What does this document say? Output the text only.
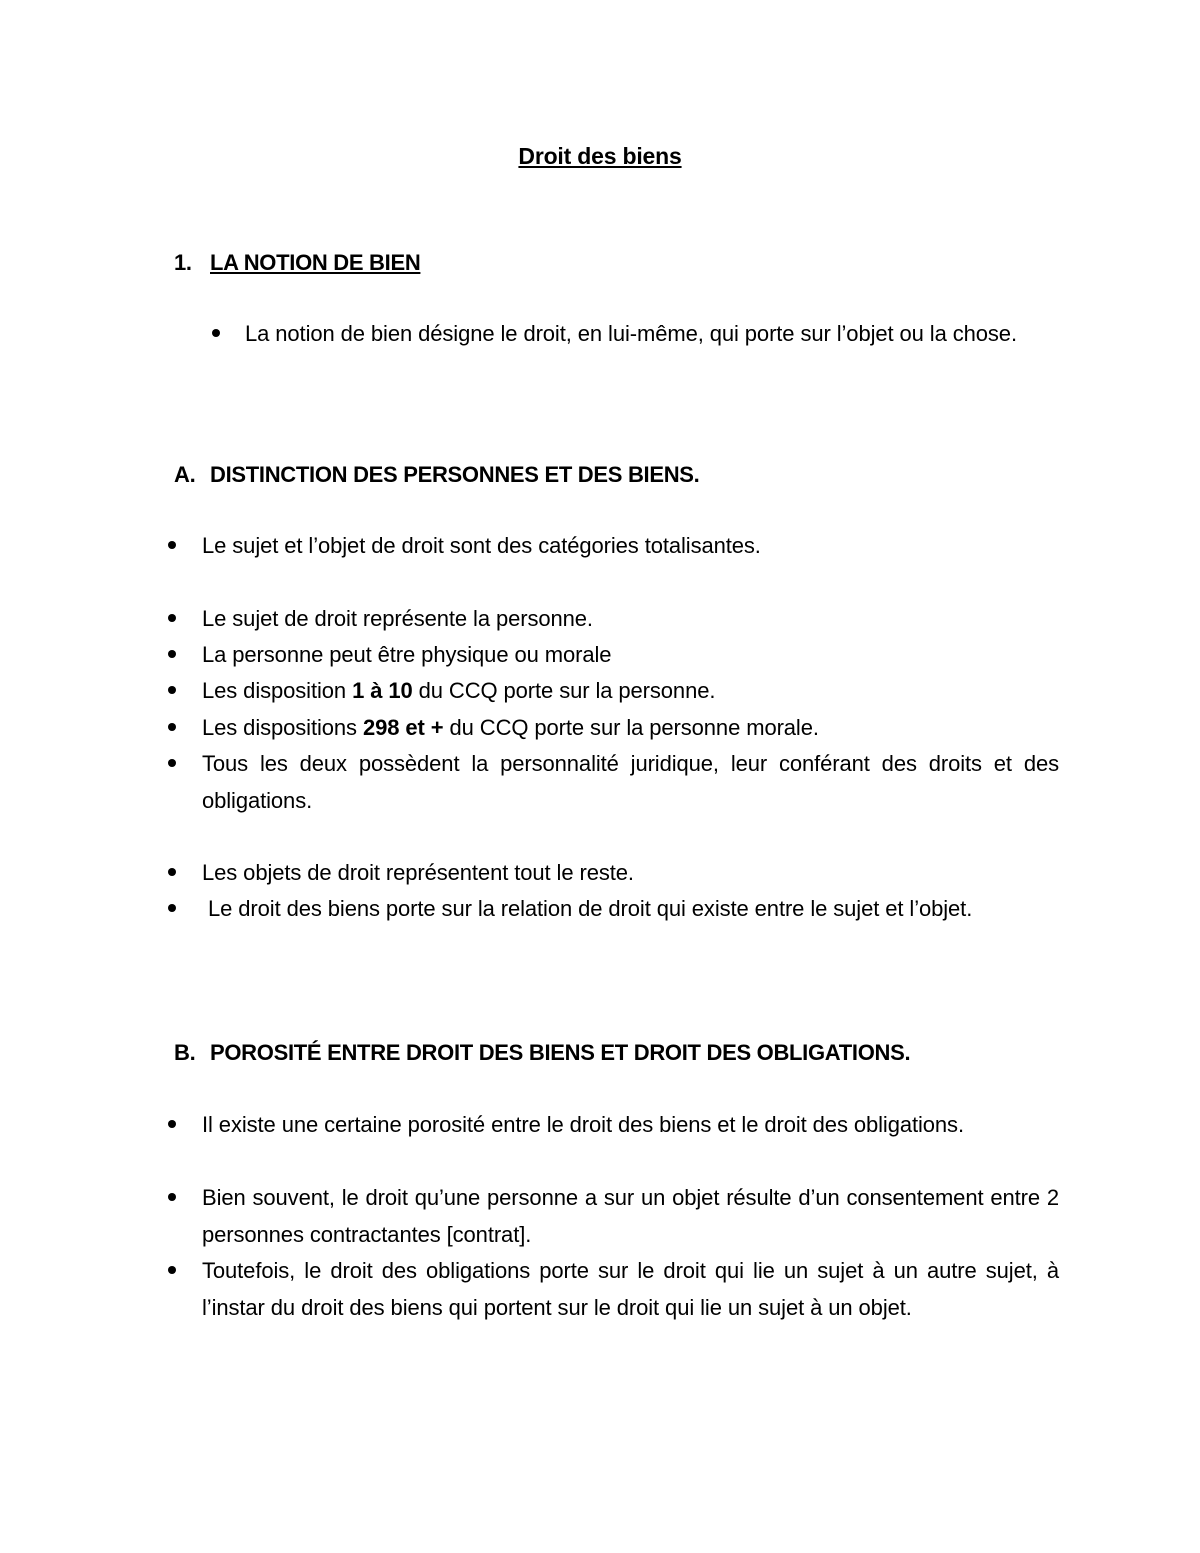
Droit des biens
1. LA NOTION DE BIEN
La notion de bien désigne le droit, en lui-même, qui porte sur l’objet ou la chose.
A. DISTINCTION DES PERSONNES ET DES BIENS.
Le sujet et l’objet de droit sont des catégories totalisantes.
Le sujet de droit représente la personne.
La personne peut être physique ou morale
Les disposition 1 à 10 du CCQ porte sur la personne.
Les dispositions 298 et + du CCQ porte sur la personne morale.
Tous les deux possèdent la personnalité juridique, leur conférant des droits et des obligations.
Les objets de droit représentent tout le reste.
Le droit des biens porte sur la relation de droit qui existe entre le sujet et l’objet.
B. POROSITÉ ENTRE DROIT DES BIENS ET DROIT DES OBLIGATIONS.
Il existe une certaine porosité entre le droit des biens et le droit des obligations.
Bien souvent, le droit qu’une personne a sur un objet résulte d’un consentement entre 2 personnes contractantes [contrat].
Toutefois, le droit des obligations porte sur le droit qui lie un sujet à un autre sujet, à l’instar du droit des biens qui portent sur le droit qui lie un sujet à un objet.
